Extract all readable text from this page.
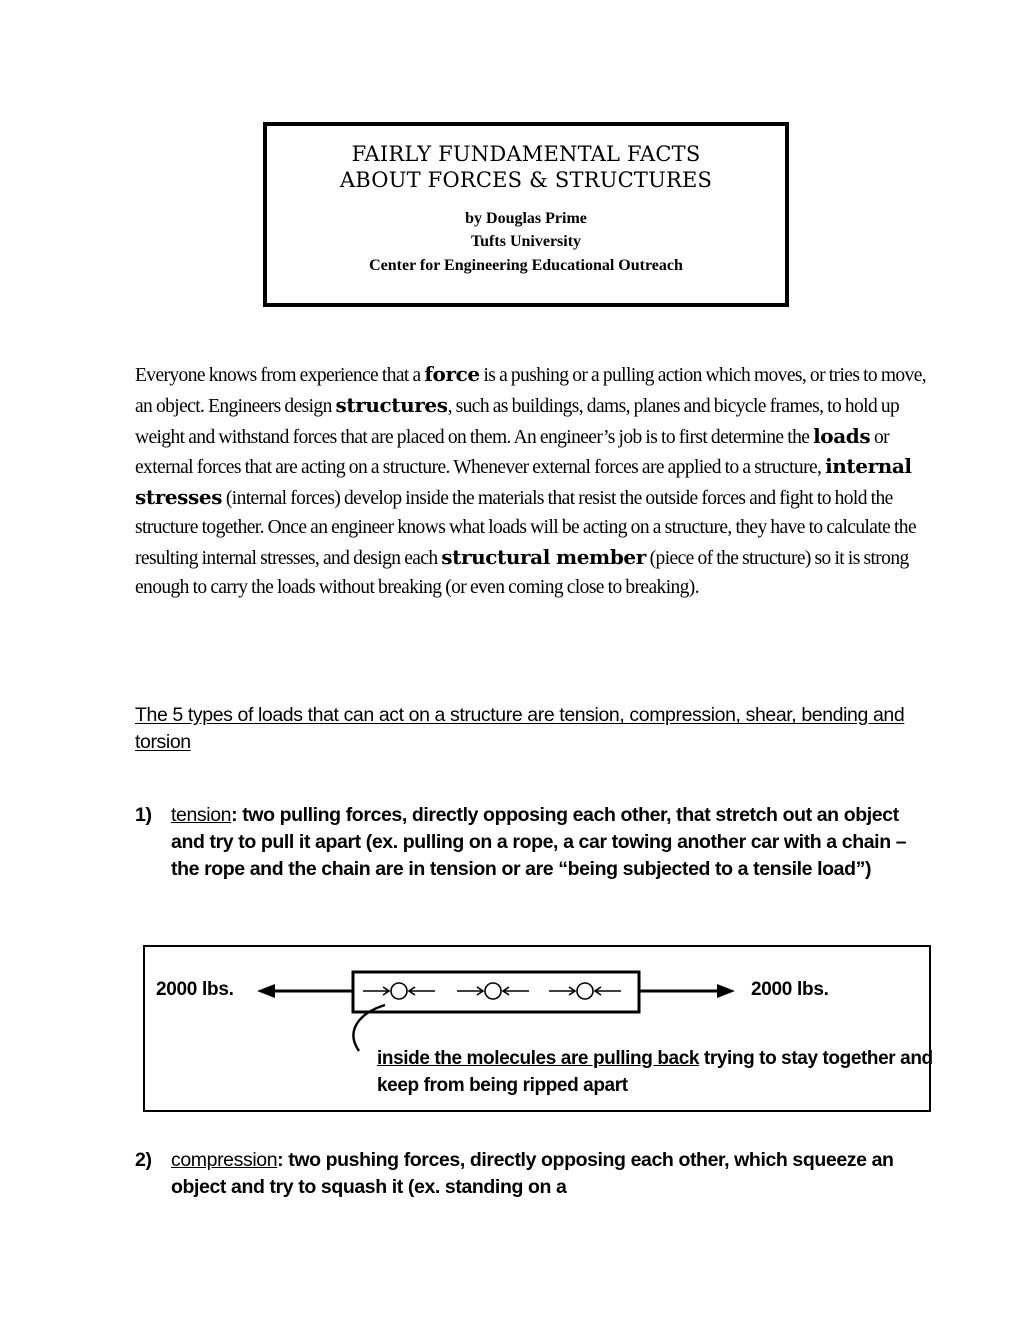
FAIRLY FUNDAMENTAL FACTS
ABOUT FORCES & STRUCTURES
by Douglas Prime
Tufts University
Center for Engineering Educational Outreach
Everyone knows from experience that a force is a pushing or a pulling action which moves, or tries to move, an object. Engineers design structures, such as buildings, dams, planes and bicycle frames, to hold up weight and withstand forces that are placed on them. An engineer’s job is to first determine the loads or external forces that are acting on a structure. Whenever external forces are applied to a structure, internal stresses (internal forces) develop inside the materials that resist the outside forces and fight to hold the structure together. Once an engineer knows what loads will be acting on a structure, they have to calculate the resulting internal stresses, and design each structural member (piece of the structure) so it is strong enough to carry the loads without breaking (or even coming close to breaking).
The 5 types of loads that can act on a structure are tension, compression, shear, bending and torsion
1) tension: two pulling forces, directly opposing each other, that stretch out an object and try to pull it apart (ex. pulling on a rope, a car towing another car with a chain – the rope and the chain are in tension or are “being subjected to a tensile load”)
2000 lbs.	2000 lbs.
inside the molecules are pulling back trying to stay together and keep from being ripped apart
2) compression: two pushing forces, directly opposing each other, which squeeze an object and try to squash it (ex. standing on a
